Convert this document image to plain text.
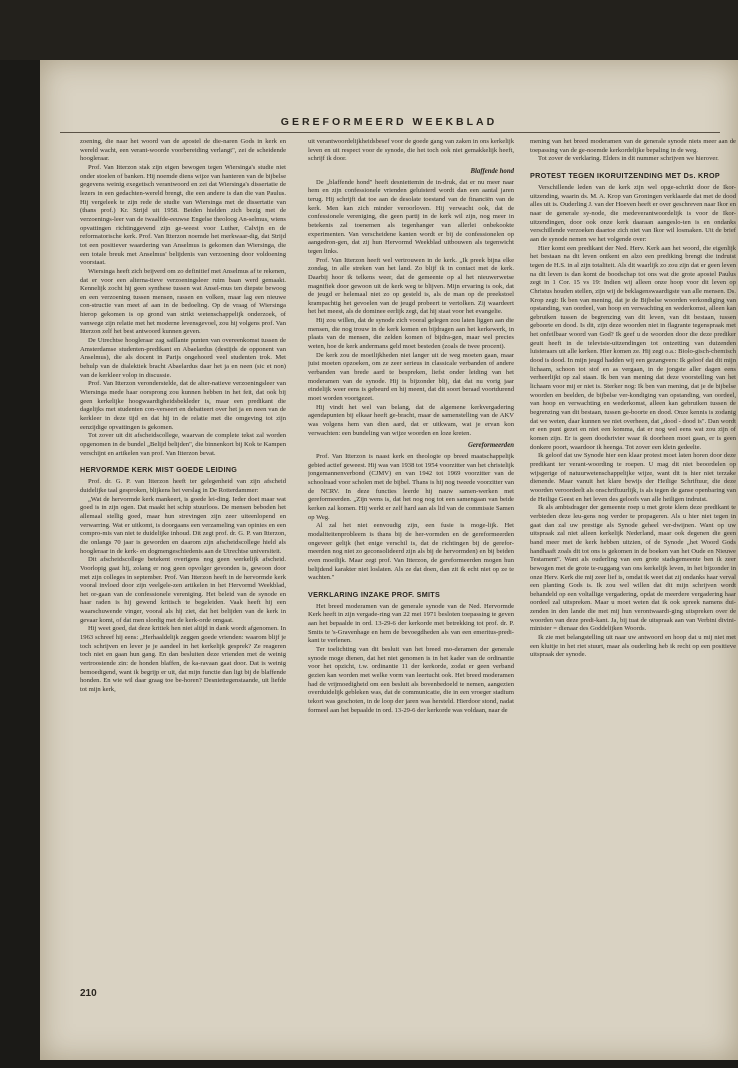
GEREFORMEERD WEEKBLAD

zoening, die naar het woord van de apostel de die-naren Gods in kerk en wereld wacht, een verant-woorde voorbereiding verlangt", zei de scheidende hoogleraar.

Prof. Van Itterzon stak zijn eigen bewogen tegen Wiersinga's studie niet onder stoelen of banken. Hij noemde diens wijze van hanteren van de bijbelse gegevens weinig exegetisch verantwoord en zei dat Wiersinga's dissertatie de lezers in een gedachten-wereld brengt, die een andere is dan die van Paulus. Hij vergeleek te zijn rede de studie van Wiersinga met de dissertatie van (thans prof.) Kr. Strijd uit 1958. Beiden hielden zich bezig met de verzoenings-leer van de twaalfde-eeuwse Engelse theoloog An-selmus, wiens opvattingen richtinggevend zijn ge-weest voor Luther, Calvijn en de reformatorische kerk. Prof. Van Itterzon noemde het merkwaar-dig, dat Strijd tot een positiever waardering van Anselmus is gekomen dan Wiersinga, die een totale breuk met Anselmus' belijdenis van verzoening door voldoening voorstaat.

Wiersinga heeft zich beijverd om zo definitief met Anselmus af te rekenen, dat er voor een alterna-tieve verzoeningsleer ruim baan werd gemaakt. Kennelijk zocht hij geen synthese tussen wat Ansel-mus ten diepste bewoog en een verzoening tussen mensen, rassen en volken, maar lag een nieuwe con-structie van meet af aan in de bedoeling. Op de vraag of Wiersinga hierop gekomen is op grond van strikt wetenschappelijk onderzoek, of vanwege zijn relatie met het moderne levensgevoel, zou hij volgens prof. Van Itterzon zelf het best antwoord kunnen geven.

De Utrechtse hoogleraar zag saillante punten van overeenkomst tussen de Amsterdamse studenten-predikant en Abaelardus (destijds de opponent van Anselmus), die als docent in Parijs ongehoord veel studenten trok. Met behulp van de dialektiek bracht Abaelardus daar het ja en neen (sic et non) van de kerkleer volop in discussie.

Prof. Van Itterzon veronderstelde, dat de alter-natieve verzoeningsleer van Wiersinga mede haar oorsprong zou kunnen hebben in het feit, dat ook bij geen kerkelijke hoogwaardigheidsbekleder is, maar een predikant die dagelijks met studenten con-verseert en debatteert over het ja en neen van de kerkleer in deze tijd en dat hij in de relatie met die omgeving tot zijn eenzijdige opvattingen is gekomen.

Tot zover uit dit afscheidscollege, waarvan de complete tekst zal worden opgenomen in de bundel „Belijd belijden", die binnenkort bij Kok te Kampen verschijnt en artikelen van prof. Van Itterzon bevat.

HERVORMDE KERK MIST GOEDE LEIDING

Prof. dr. G. P. van Itterzon heeft ter gelegenheid van zijn afscheid duidelijke taal gesproken, blijkens het verslag in De Rotterdammer:

„Wat de hervormde kerk mankeert, is goede lei-ding. Ieder doet maar wat goed is in zijn ogen. Dat maakt het schip stuurloos. De mensen beboden het allemaal stellig goed, maar hun strevingen zijn zeer uiteenlopend en verwarring. Wat er uitkomt, is doorgaans een verzameling van opinies en een compro-mis van niet te duidelijke inhoud. Dit zegt prof. dr. G. P. van Itterzon, die onlangs 70 jaar is geworden en daarom zijn afscheidscollege hield als hoogleraar in de kerk- en dogmengeschiedenis aan de Utrechtse universiteit.

Dit afscheidscollege betekent overigens nog geen werkelijk afscheid. Voorlopig gaat hij, zolang er nog geen opvolger gevonden is, gewoon door met zijn colleges in september. Prof. Van Itterzon heeft in de hervormde kerk vooral invloed door zijn veelgele-zen artikelen in het Hervormd Weekblad, het or-gaan van de confessionele vereniging. Het beleid van de synode en haar raden is hij gewend kritisch te begeleiden. Vaak heeft hij een waarschuwende vinger, vooral als hij ziet, dat het belijden van de kerk in gevaar komt, of dat men slordig met de kerk-orde omgaat.

Hij weet goed, dat deze kritiek hen niet altijd in dank wordt afgenomen. In 1963 schreef hij eens: „Herhaaldelijk zeggen goede vrienden: waarom blijf je toch schrijven en lever je je aandeel in het kerkelijk gesprek? Ze reageren toch niet en gaan hun gang. En dan besluiten deze vrienden met de weinig vertroostende zin: de honden blaffen, de ka-ravaan gaat door. Dat is weinig bemoedigend, want ik begrijp er uit, dat mijn functie dan ligt bij de blaffende honden. En wie wil daar graag toe be-horen? Desniettegenstaande, uit liefde tot mijn kerk,

uit verantwoordelijkheidsbesef voor de goede gang van zaken in ons kerkelijk leven en uit respect voor de synode, die het toch ook niet gemakkelijk heeft, schrijf ik door.

Blaffende hond

De „blaffende hond" heeft desniettemin de in-druk, dat er nu meer naar hem en zijn confessionele vrienden geluisterd wordt dan een aantal jaren terug. Hij schrijft dat toe aan de desolate toestand van de financiën van de kerk. Men kan zich minder veroorloven. Hij verwacht ook, dat de confessionele vereniging, die geen partij in de kerk wil zijn, nog meer in betekenis zal toenemen als tegenhanger van allerlei onbekookte experimenten. Van verscheidene kanten wordt er bij de confessionelen op aangedron-gen, dat zij hun Hervormd Weekblad uitbouwen als tegenwicht tegen links.

Prof. Van Itterzon heeft wel vertrouwen in de kerk. „Ik preek bijna elke zondag, in alle streken van het land. Zo blijf ik in contact met de kerk. Daarbij hoor ik telkens weer, dat de gemeente op al het nieuwerwetse magnifiek door gewoon uit de kerk weg te blijven. Mijn ervaring is ook, dat de jeugd er helemaal niet zo op gesteld is, als de man op de preekstoel krampachtig het gevoelen van de jeugd probeert te vertolken. Zij waardeert het het meest, als de dominee eerlijk zegt, dat hij staat voor het evangelie.

Hij zou willen, dat de synode zich vooral gelegen zou laten liggen aan die mensen, die nog trouw in de kerk komen en bijdragen aan het kerkewerk, in plaats van de mensen, die zelden komen of bijdra-gen, maar wel precies weten, hoe de kerk andermans geld moet besteden (zoals de twee procent).

De kerk zou de moeilijkheden niet langer uit de weg moeten gaan, maar juist moeten opzoeken, om ze zeer serieus in classicale verbanden of andere verbanden van brede aard te bespreken, liefst onder leiding van het moderamen van de synode. Hij is bijzonder blij, dat dat nu vorig jaar eindelijk weer eens is gebeurd en hij meent, dat dit soort beraad voortdurend moet worden voortgezet.

Hij vindt het wel van belang, dat de algemene kerkvergadering agendapunten bij elkaar heeft ge-bracht, maar de samenstelling van de AKV was volgens hem van dien aard, dat er uitkwam, wat je ervan kon verwachten: een bundeling van wijze woorden en loze kreten.

Gereformeerden

Prof. Van Itterzon is naast kerk en theologie op breed maatschappelijk gebied actief geweest. Hij was van 1938 tot 1954 voorzitter van het christelijk jongemannenverbond (CJMV) en van 1942 tot 1969 voorzitter van de schoolraad voor scholen met de bijbel. Thans is hij nog tweede voorzitter van de NCRV. In deze functies leerde hij nauw samen-werken met gereformeerden. „Zijn wens is, dat het nog nog tot een samengaan van beide kerken zal komen. Hij werkt er zelf hard aan als lid van de commissie Samen op Weg.

Al zal het niet eenvoudig zijn, een fusie is moge-lijk. Het modaliteitenprobleem is thans bij de her-vormden en de gereformeerden ongeveer gelijk (het enige verschil is, dat de richtingen bij de gerefor-meerden nog niet zo geconsolideerd zijn als bij de hervormden) en bij beiden even moeilijk. Maar zegt prof. Van Itterzon, de gereformeerden mogen hun belijdend karakter niet loslaten. Als ze dat doen, dan zit ik echt niet op ze te wachten."

VERKLARING INZAKE PROF. SMITS

Het breed moderamen van de generale synode van de Ned. Hervormde Kerk heeft in zijn vergade-ring van 22 mei 1971 besloten toepassing te geven aan het bepaalde in ord. 13-29-6 der kerkorde met betrekking tot prof. dr. P. Smits te 's-Gravenhage en hem de bevoegdheden als van een emeritus-predi-kant te verlenen.

Ter toelichting van dit besluit van het breed mo-deramen der generale synode moge dienen, dat het niet genomen is in het kader van de ordinantie voor het opzicht, t.w. ordinantie 11 der kerkorde, zodat er geen verband gezien kan worden met welke vorm van leertucht ook. Het breed moderamen had de vrijmoedigheid om een besluit als bovenbedoeld te nemen, aangezien overduidelijk gebleken was, dat de communicatie, die in een vroeger stadium tekort was geschoten, in de loop der jaren was hersteld. Hierdoor stond, nadat formeel aan het bepaalde in ord. 13-29-6 der kerkorde was voldaan, naar de

mening van het breed moderamen van de generale synode niets meer aan de toepassing van de ge-noemde kerkordelijke bepaling in de weg.

Tot zover de verklaring. Elders in dit nummer schrijven we hierover.

PROTEST TEGEN IKORUITZENDING MET Ds. KROP

Verschillende leden van de kerk zijn wel opge-schrikt door de Ikor-uitzending, waarin ds. M. A. Krop van Groningen verklaarde dat met de dood alles uit is. Ouderling J. van der Hoeven heeft er over geschreven naar Ikor en naar de generale sy-node, die medeverantwoordelijk is voor de Ikor-uitzendingen, door ook onze kerk daaraan aangeslo-ten is en ondanks verschillende verzoeken daartoe zich niet van Ikor wil losmaken. Uit de brief aan de synode nemen we het volgende over:

Hier komt een predikant der Ned. Herv. Kerk aan het woord, die eigenlijk het bestaan na dit leven ontkent en alzo een prediking brengt die indruist tegen de H.S. in al zijn totaliteit. Als dit waarlijk zo zou zijn dat er geen leven na dit leven is dan komt de boodschap tot ons wat die grote apostel Paulus zegt in 1 Cor. 15 vs 19: Indien wij alleen onze hoop voor dit leven op Christus houden stellen, zijn wij de beklagenswaardigste van alle mensen. Ds. Krop zegt: Ik ben van mening, dat je de Bijbelse woorden verkondiging van opstanding, van oordeel, van hoop en verwachting en wederkomst, alleen kan gebruiken tussen de begrenzing van dit leven, van dit bestaan, tussen geboorte en dood. Is dit, zijn deze woorden niet in flagrante tegenspraak met het onfeilbaar woord van God? Ik geef u de woorden door die deze prediker geuit heeft in de televisie-uitzendingen tot ontzetting van duizenden luisteraars uit alle kerken. Hier komen ze. Hij zegt o.a.: Biolo-gisch-chemisch dood is dood. In mijn jeugd hadden wij een gezangvers: Ik geloof dat dit mijn lichaam, schoon tot stof en as vergaan, in de jongste aller dagen eens verheerlijkt op zal staan. Ik ben van mening dat deze voorstelling van het lichaam voor mij er niet is. Sterker nog: Ik ben van mening, dat je de bijbelse woorden en beelden, de bijbelse ver-kondiging van opstanding, van oordeel, van hoop en verwachting en wederkomst, alleen kan gebruiken tussen de begrenzing van dit bestaan, tussen ge-boorte en dood. Onze kennis is zodanig dat we weten, daar kunnen we niet overheen, dat „dood - dood is". Dan wordt er een punt gezet en niet een komma, dat er nog wel eens wat zou zijn of komen zijn. Er is geen doodsrivier waar ik doorheen moet gaan, er is geen donkere poort, waardoor ik heenga. Tot zover een klein gedeelte.

Ik geloof dat uw Synode hier een klaar protest moet laten horen door deze predikant ter verant-woording te roepen. U mag dit niet beoordelen op wijsgerige of natuurwetenschappelijke wijze, want dit is hier niet terzake dienende. Maar vanuit het klare bewijs der Heilige Schriftuur, die deze woorden veroordeelt als onschriftuurlijk, is als tegen de ganse openbaring van de Heilige Geest en het leven des geloofs van alle heiligen indruist.

Ik als ambtsdrager der gemeente roep u met grote klem deze predikant te verbieden deze leu-gens nog verder te propageren. Als u hier niet tegen in gaat dan zal uw prestige als Synode geheel ver-dwijnen. Want op uw uitspraak zal niet alleen kerkelijk Nederland, maar ook degenen die geen band meer met de kerk hebben uitzien, of de Synode „het Woord Gods handhaaft zoals dit tot ons is gekomen in de boeken van het Oude en Nieuwe Testament". Want als ouderling van een grote stadsgemeente ben ik zeer bewogen met de grote te-ruggang van ons kerkelijk leven, in het bijzonder in onze Herv. Kerk die mij zeer lief is, omdat ik weet dat zij ondanks haar verval een planting Gods is. Ik zou wel willen dat dit mijn schrijven wordt behandeld op een voltallige vergadering, opdat de meerdere vergadering haar oordeel zal uitspreken. Maar u moet weten dat ik ook spreek namens dui-zenden in den lande die met mij hun verontwaardi-ging uitspreken over de woorden van deze predi-kant. Ja, bij tuat de uitspraak aan van Verbini divini-minister = dienaar des Goddelijken Woords.

Ik zie met belangstelling uit naar uw antwoord en hoop dat u mij niet met een kluitje in het riet stuurt, maar als ouderling heb ik recht op een positieve uitspraak der synode.

210
